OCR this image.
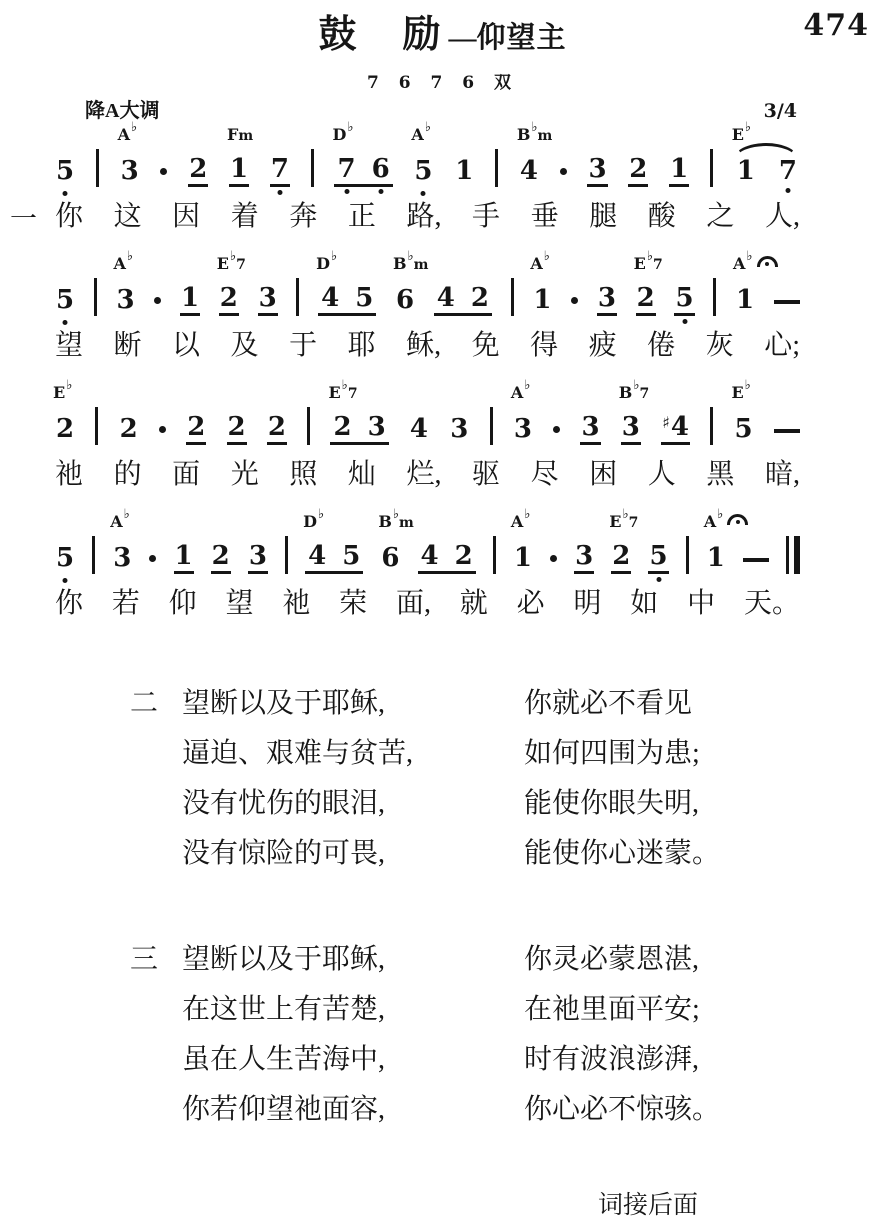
474
鼓　励 —仰望主
7 6 7 6 双
降A大调	3/4
5 3
A ♭
2 1
F m
7 7 6
D ♭
5
A ♭
1 4
B ♭
m
3 2 1 1 7
E ♭
一 你 这 因 着 奔 正 路, 手 垂 腿 酸 之 人,
5 3
A ♭
1 2
E ♭
7
3 4 5
D ♭
6
B ♭
m
4 2 1
A ♭
3 2
E ♭
7
5 1
A ♭
望 断 以 及 于 耶 稣, 免 得 疲 倦 灰 心;
2
E ♭
2 2 2 2 2 3
E ♭
7
4 3 3
A ♭
3 3
B ♭
7
♯4 5
E ♭
祂 的 面 光 照 灿 烂, 驱 尽 困 人 黑 暗,
5 3
A ♭
1 2 3 4 5
D ♭
6
B ♭
m
4 2 1
A ♭
3 2
E ♭
7
5 1
A ♭
你 若 仰 望 祂 荣 面, 就 必 明 如 中 天。
二 望断以及于耶稣,	你就必不看见
逼迫、艰难与贫苦,	如何四围为患;
没有忧伤的眼泪,	能使你眼失明,
没有惊险的可畏,	能使你心迷蒙。
三 望断以及于耶稣,	你灵必蒙恩湛,
在这世上有苦楚,	在祂里面平安;
虽在人生苦海中,	时有波浪澎湃,
你若仰望祂面容,	你心必不惊骇。
词接后面
